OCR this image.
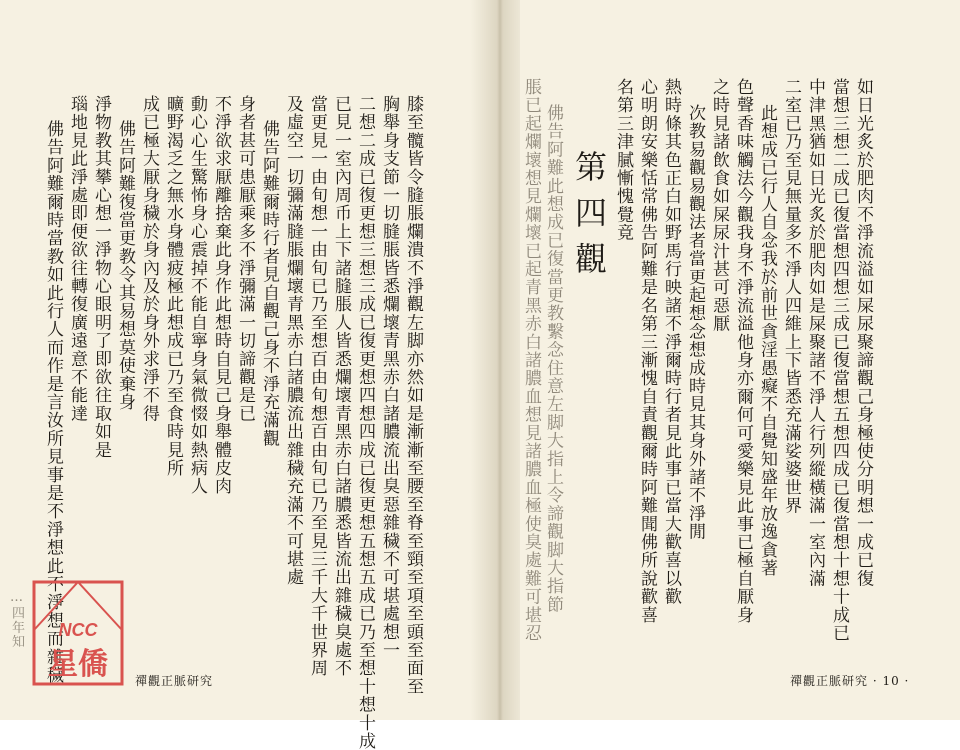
膝至髖皆令膖脹爛潰不淨觀左脚亦然如是漸漸至腰至脊至頸至項至頭至面至
胸舉身支節一切膖脹皆悉爛壞青黑赤白諸膿流出臭惡雜穢不可堪處想一
二想二成已復更想三想三成已復更想四想四成已復更想五想五成已乃至想十想十成
已見一室內周币上下諸膖脹人皆悉爛壞青黑赤白諸膿悉皆流出雜穢臭處不
當更見一由旬想一由旬已乃至想百由旬想百由旬已乃至見三千大千世界周
及虛空一切彌滿膖脹爛壞青黑赤白諸膿流出雜穢充滿不可堪處
佛告阿難爾時行者見自觀己身不淨充滿觀
身者甚可患厭乘多不淨彌滿一切諦觀是已
不淨欲求厭離捨棄此身作此想時自見己身舉體皮肉
動心心生驚怖身心震掉不能自寧身氣微惙如熱病人
曠野渴乏之無水身體疲極此想成已乃至食時見所
成已極大厭身穢於身內及於身外求淨不得
佛告阿難復當更教令其易想莫使棄身
淨物教其攀心想一淨物心眼明了即欲往取如是
瑙地見此淨處即便欲往轉復廣遠意不能達
佛告阿難爾時當教如此行人而作是言汝所見事是不淨想此不淨想而雜穢
…四年知
禪觀正脈研究
如日光炙於肥肉不淨流溢如屎尿聚諦觀己身極使分明想一成已復
當想三想二成已復當想四想三成已復當想五想四成已復當想十想十成已
中津黑猶如日光炙於肥肉如是屎聚諸不淨人行列縱橫滿一室內滿
二室已乃至見無量多不淨人四維上下皆悉充滿娑婆世界
此想成已行人自念我於前世貪淫愚癡不自覺知盛年放逸貪著
色聲香味觸法今觀我身不淨流溢他身亦爾何可愛樂見此事已極自厭身
之時見諸飲食如屎尿汁甚可惡厭
次教易觀易觀法者當更起想念想成時見其身外諸不淨閒
熱時條其色正白如野馬行映諸不淨爾時行者見此事已當大歡喜以歡
心明朗安樂恬常佛告阿難是名第三漸愧自責觀爾時阿難聞佛所說歡喜
名第三津膩慚愧覺竟
第四觀
佛告阿難此想成已復當更教繫念住意左脚大指上令諦觀脚大指節
脹已起爛壞想見爛壞已起青黑赤白諸膿血想見諸膿血極使臭處難可堪忍
禪觀正脈研究 · 10 ·
NCC
星僑
